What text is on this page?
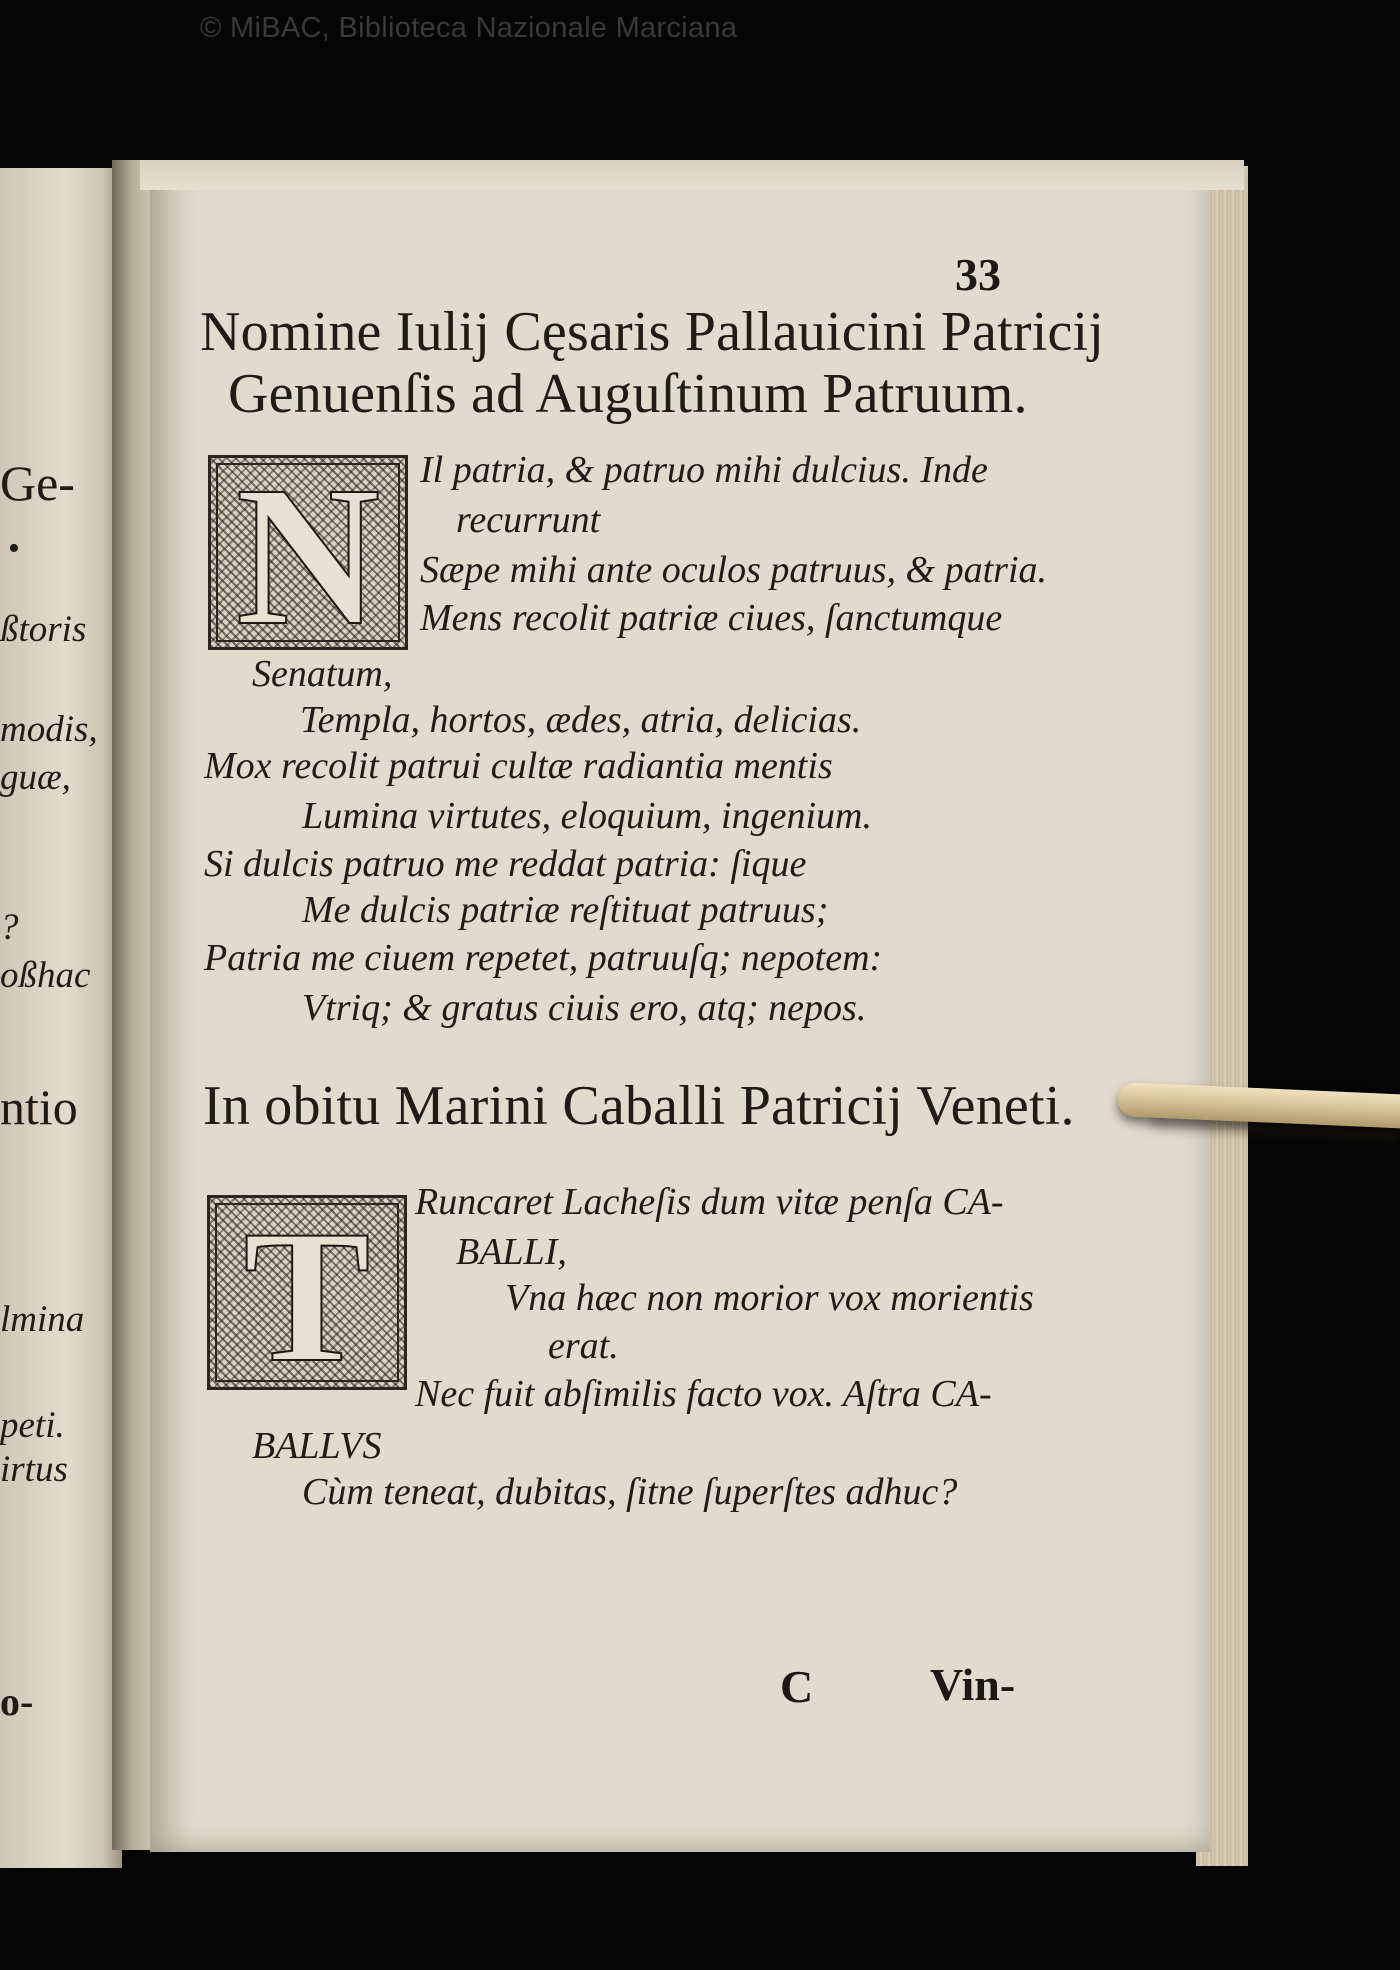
© MiBAC, Biblioteca Nazionale Marciana
Ge-
•
ßtoris
modis,
guæ,
?
oßhac
ntio
lmina
peti.
irtus
o-
33
Nomine Iulij Cęsaris Pallauicini Patricij
Genuenſis ad Auguſtinum Patruum.
N Il patria, & patruo mihi dulcius. Inde
recurrunt
Sæpe mihi ante oculos patruus, & patria.
Mens recolit patriæ ciues, ſanctumque
Senatum,
Templa, hortos, ædes, atria, delicias.
Mox recolit patrui cultæ radiantia mentis
Lumina virtutes, eloquium, ingenium.
Si dulcis patruo me reddat patria: ſique
Me dulcis patriæ reſtituat patruus;
Patria me ciuem repetet, patruuſq; nepotem:
Vtriq; & gratus ciuis ero, atq; nepos.
In obitu Marini Caballi Patricij Veneti.
T Runcaret Lacheſis dum vitæ penſa CA-
BALLI,
Vna hæc non morior vox morientis
erat.
Nec fuit abſimilis facto vox. Aſtra CA-
BALLVS
Cùm teneat, dubitas, ſitne ſuperſtes adhuc?
C	Vin-
